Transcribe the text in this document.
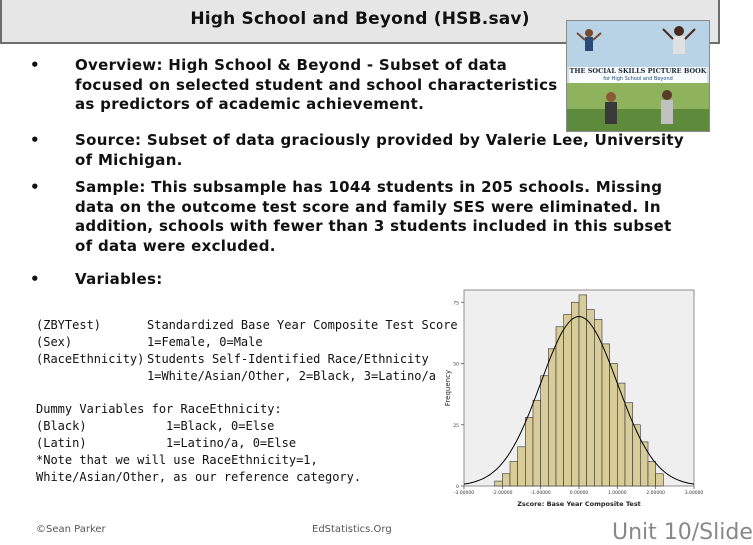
High School and Beyond (HSB.sav)
THE SOCIAL SKILLS PICTURE BOOK
for High School and Beyond
• Overview: High School & Beyond - Subset of data focused on selected student and school characteristics as predictors of academic achievement.
• Source: Subset of data graciously provided by Valerie Lee, University of Michigan.
• Sample: This subsample has 1044 students in 205 schools. Missing data on the outcome test score and family SES were eliminated. In addition, schools with fewer than 3 students included in this subset of data were excluded.
• Variables:
(ZBYTest)	Standardized Base Year Composite Test Score
(Sex)	1=Female, 0=Male
(RaceEthnicity) Students Self-Identified Race/Ethnicity
1=White/Asian/Other, 2=Black, 3=Latino/a
Dummy Variables for RaceEthnicity:
(Black)	1=Black, 0=Else
(Latin)	1=Latino/a, 0=Else
*Note that we will use RaceEthnicity=1,
White/Asian/Other, as our reference category.
0
25
50
75
-3.00000	-2.00000	-1.00000	0.00000	1.00000	2.00000	3.00000
Zscore: Base Year Composite Test
Frequency
©Sean Parker	EdStatistics.Org	Unit 10/Slide
